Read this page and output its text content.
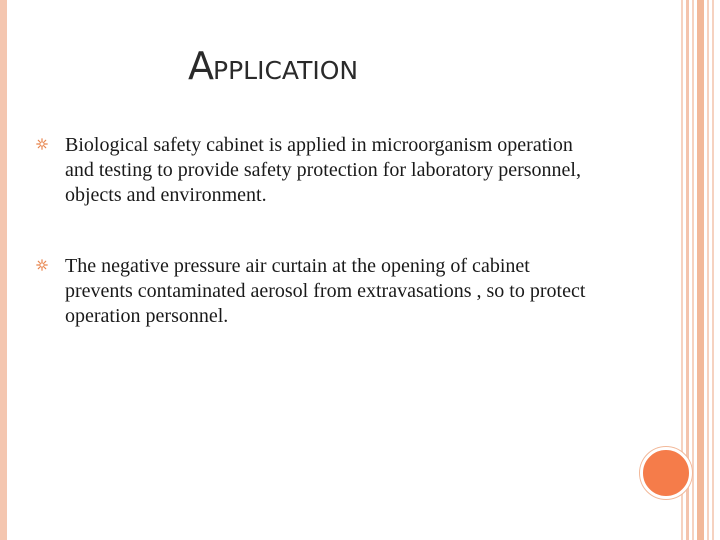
APPLICATION
Biological safety cabinet is applied in microorganism operation and testing to provide safety protection for laboratory personnel, objects and environment.
The negative pressure air curtain at the opening of cabinet prevents contaminated aerosol from extravasations , so to protect operation personnel.
